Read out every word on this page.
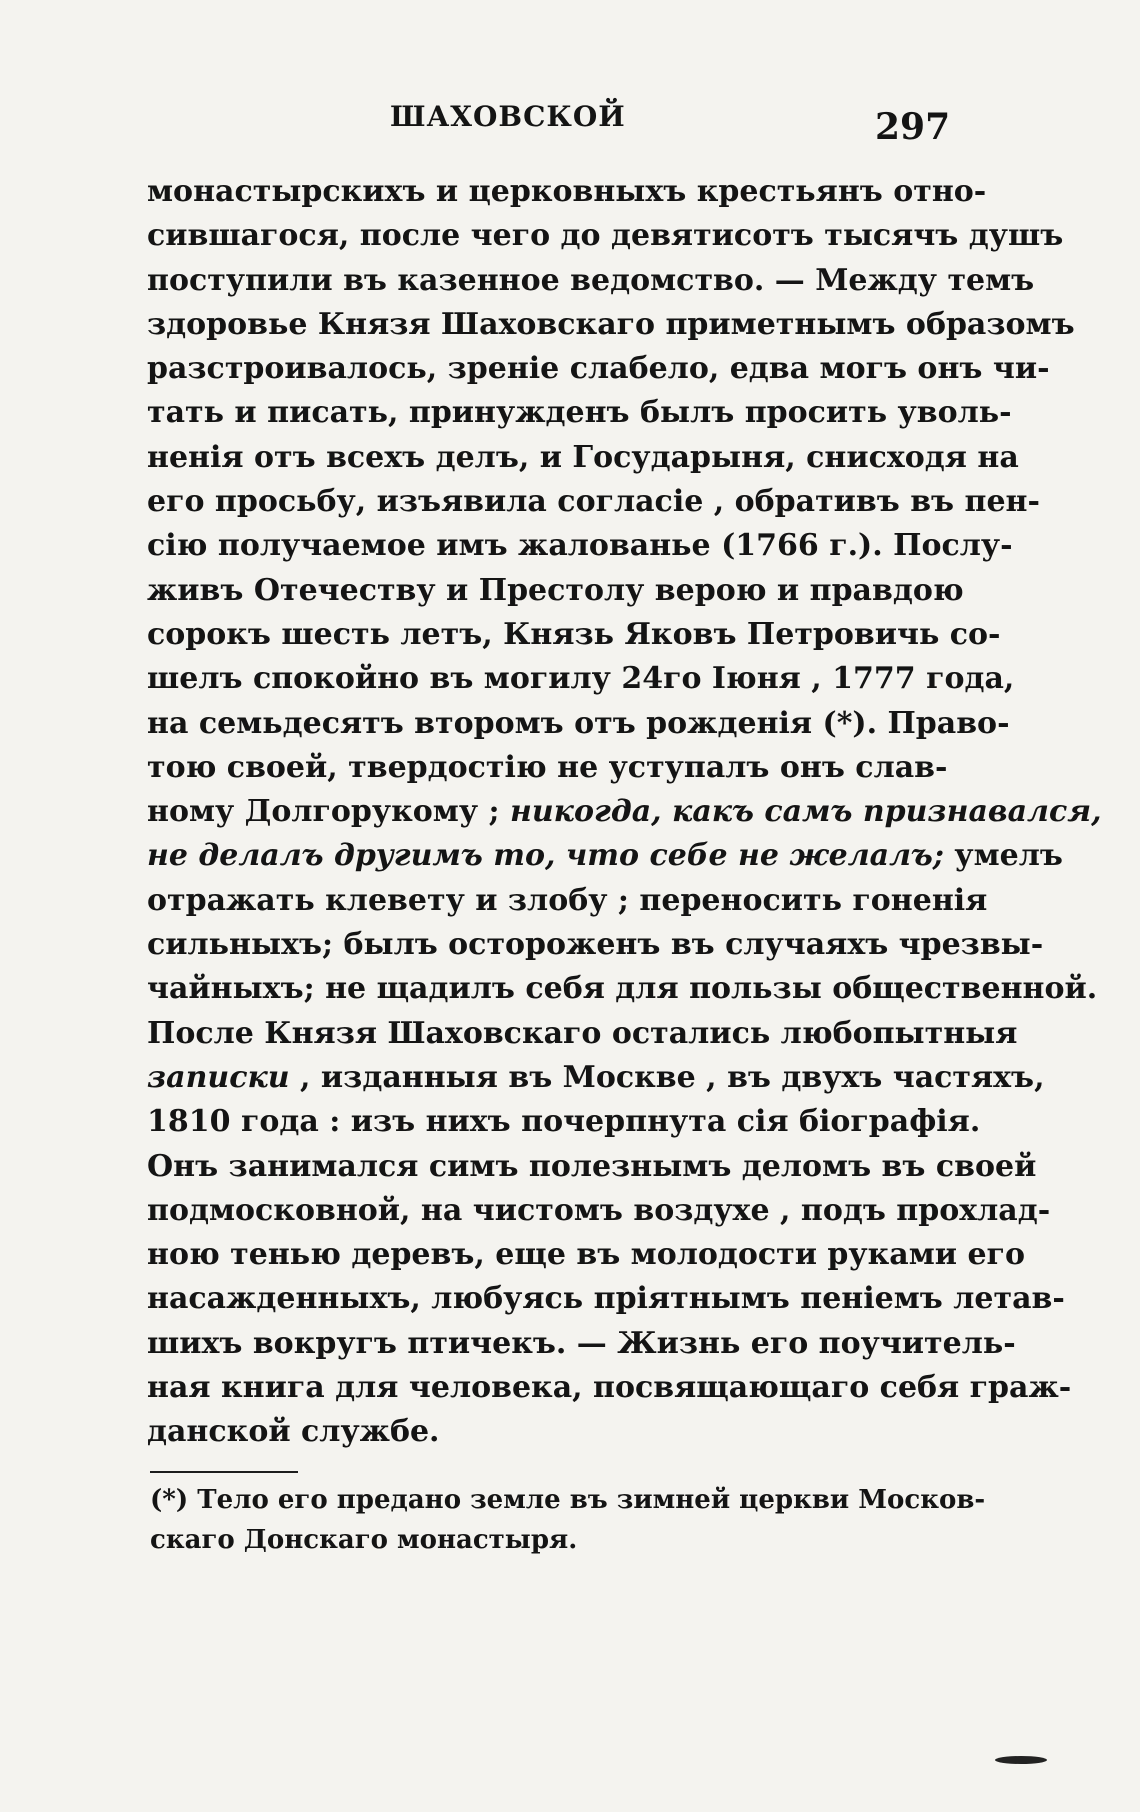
ШАХОВСКОЙ	297
монастырскихъ и церковныхъ крестьянъ отно-
сившагося, после чего до девятисотъ тысячъ душъ
поступили въ казенное ведомство. — Между темъ
здоровье Князя Шаховскаго приметнымъ образомъ
разстроивалось, зреніе слабело, едва могъ онъ чи-
тать и писать, принужденъ былъ просить уволь-
ненія отъ всехъ делъ, и Государыня, снисходя на
его просьбу, изъявила согласіе , обративъ въ пен-
сію получаемое имъ жалованье (1766 г.). Послу-
живъ Отечеству и Престолу верою и правдою
сорокъ шесть летъ, Князь Яковъ Петровичь со-
шелъ спокойно въ могилу 24го Іюня , 1777 года,
на семьдесятъ второмъ отъ рожденія (*). Право-
тою своей, твердостію не уступалъ онъ слав-
ному Долгорукому ; никогда, какъ самъ признавался,
не делалъ другимъ то, что себе не желалъ; умелъ
отражать клевету и злобу ; переносить гоненія
сильныхъ; былъ остороженъ въ случаяхъ чрезвы-
чайныхъ; не щадилъ себя для пользы общественной.
После Князя Шаховскаго остались любопытныя
записки , изданныя въ Москве , въ двухъ частяхъ,
1810 года : изъ нихъ почерпнута сія біографія.
Онъ занимался симъ полезнымъ деломъ въ своей
подмосковной, на чистомъ воздухе , подъ прохлад-
ною тенью деревъ, еще въ молодости руками его
насажденныхъ, любуясь пріятнымъ пеніемъ летав-
шихъ вокругъ птичекъ. — Жизнь его поучитель-
ная книга для человека, посвящающаго себя граж-
данской службе.
(*) Тело его предано земле въ зимней церкви Москов-
скаго Донскаго монастыря.
